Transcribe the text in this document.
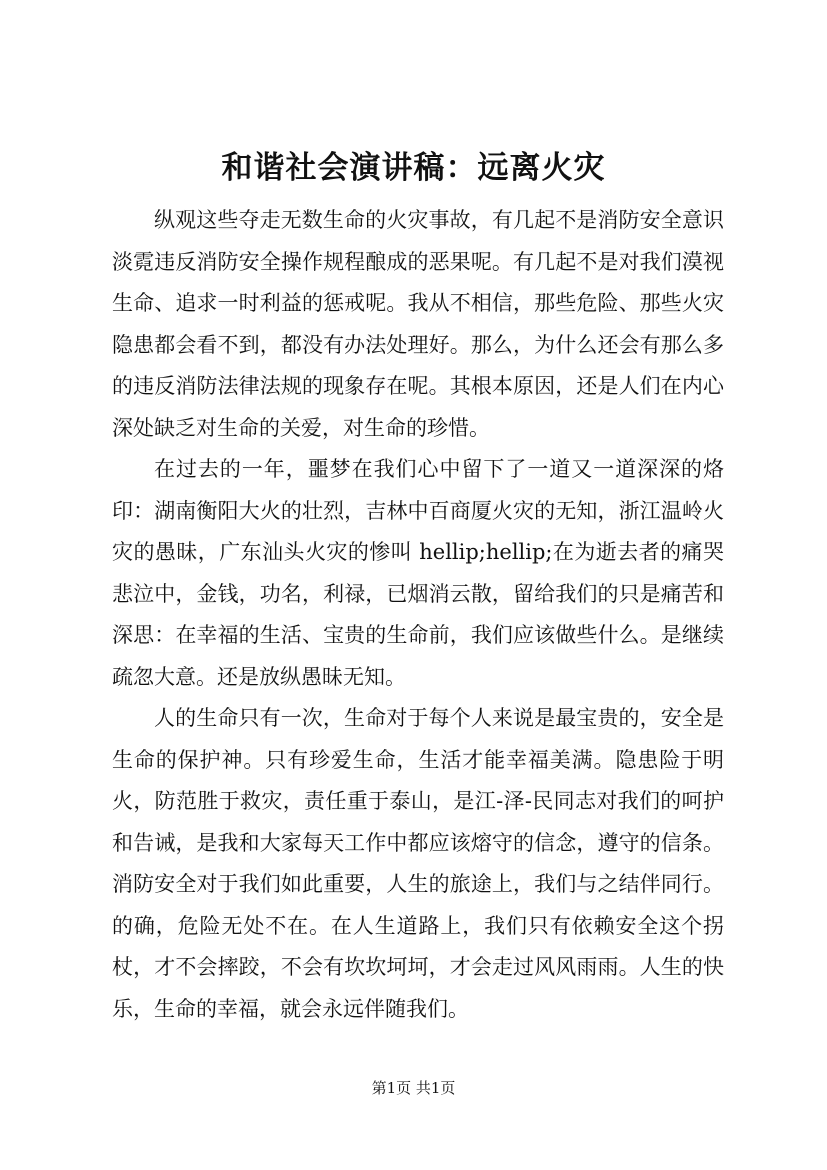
和谐社会演讲稿：远离火灾

纵观这些夺走无数生命的火灾事故，有几起不是消防安全意识淡霓违反消防安全操作规程酿成的恶果呢。有几起不是对我们漠视生命、追求一时利益的惩戒呢。我从不相信，那些危险、那些火灾隐患都会看不到，都没有办法处理好。那么，为什么还会有那么多的违反消防法律法规的现象存在呢。其根本原因，还是人们在内心深处缺乏对生命的关爱，对生命的珍惜。

在过去的一年，噩梦在我们心中留下了一道又一道深深的烙印：湖南衡阳大火的壮烈，吉林中百商厦火灾的无知，浙江温岭火灾的愚昧，广东汕头火灾的惨叫 hellip;hellip;在为逝去者的痛哭悲泣中，金钱，功名，利禄，已烟消云散，留给我们的只是痛苦和深思：在幸福的生活、宝贵的生命前，我们应该做些什么。是继续疏忽大意。还是放纵愚昧无知。

人的生命只有一次，生命对于每个人来说是最宝贵的，安全是生命的保护神。只有珍爱生命，生活才能幸福美满。隐患险于明火，防范胜于救灾，责任重于泰山，是江-泽-民同志对我们的呵护和告诫，是我和大家每天工作中都应该熔守的信念，遵守的信条。消防安全对于我们如此重要，人生的旅途上，我们与之结伴同行。的确，危险无处不在。在人生道路上，我们只有依赖安全这个拐杖，才不会摔跤，不会有坎坎坷坷，才会走过风风雨雨。人生的快乐，生命的幸福，就会永远伴随我们。

第1页 共1页
